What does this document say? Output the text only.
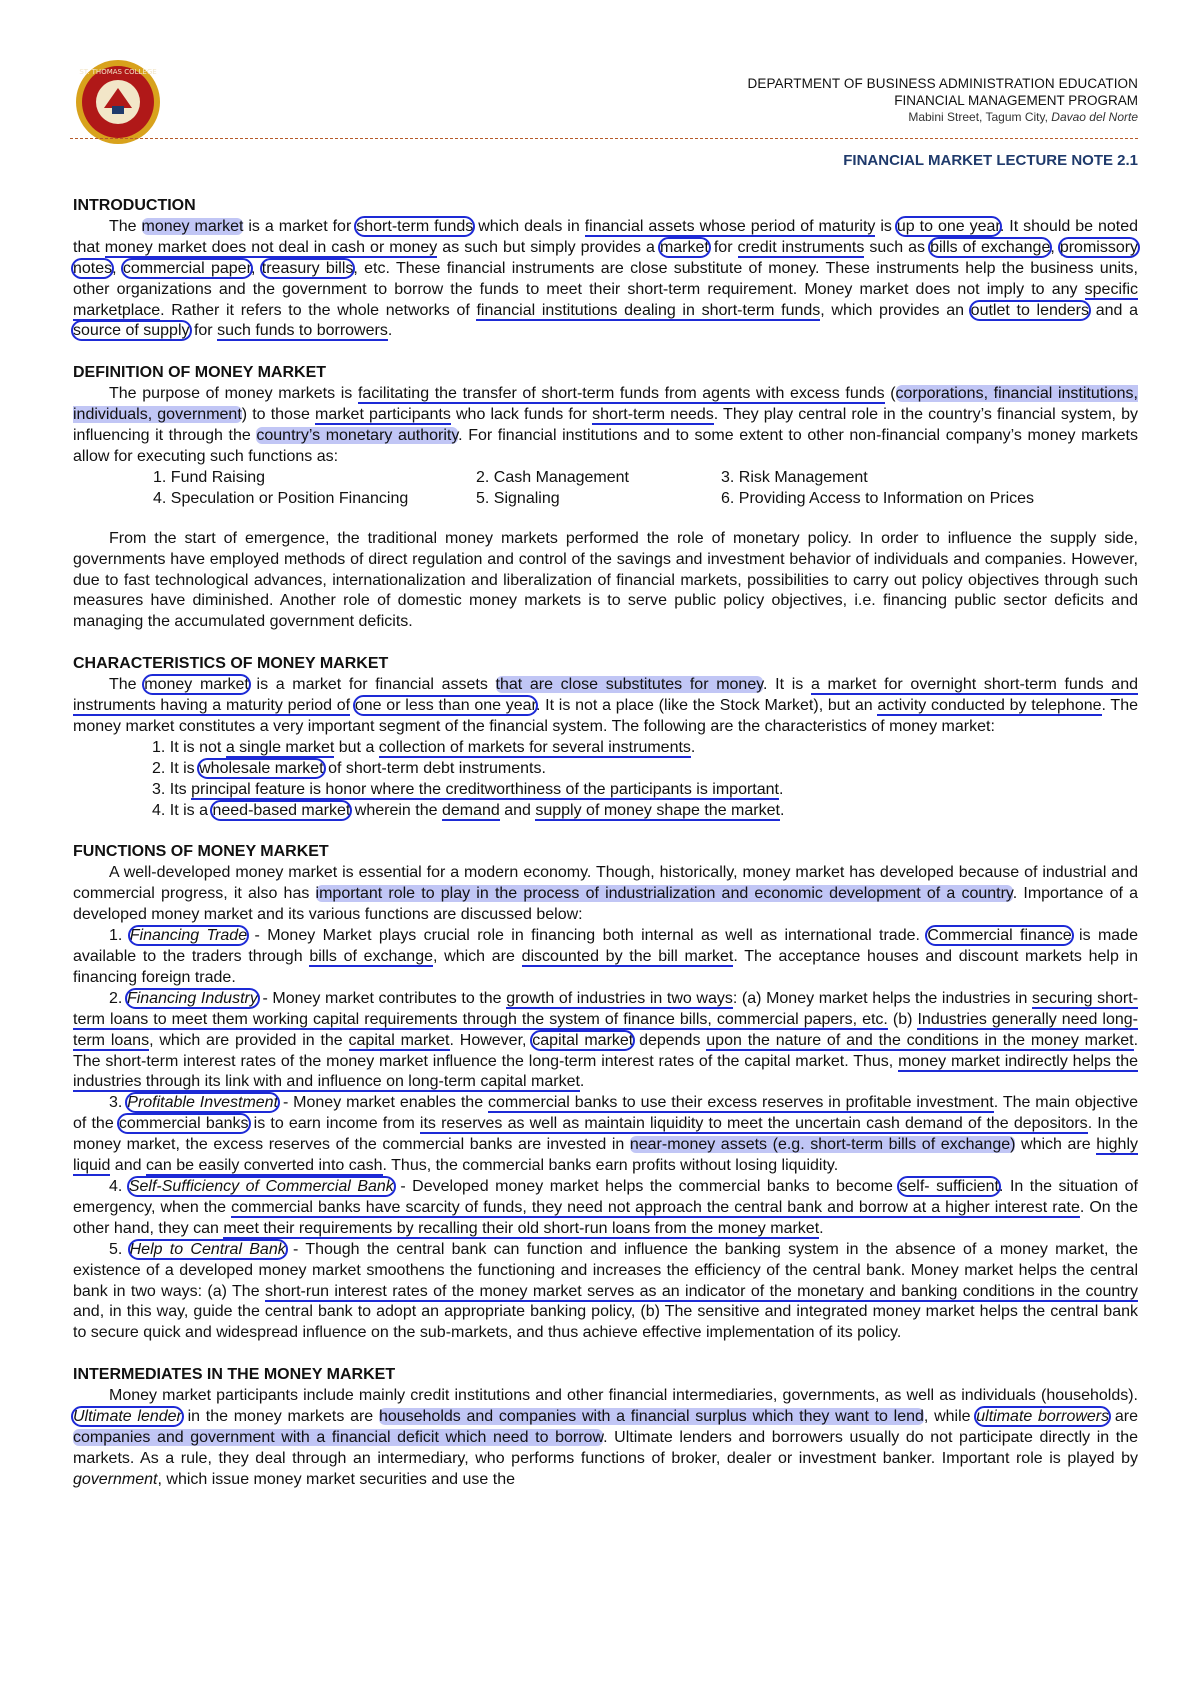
ST. THOMAS COLLEGE
DEPARTMENT OF BUSINESS ADMINISTRATION EDUCATION
FINANCIAL MANAGEMENT PROGRAM
Mabini Street, Tagum City, Davao del Norte
FINANCIAL MARKET LECTURE NOTE 2.1
INTRODUCTION

The money market is a market for short-term funds which deals in financial assets whose period of maturity is up to one year. It should be noted that money market does not deal in cash or money as such but simply provides a market for credit instruments such as bills of exchange, promissory notes, commercial paper, treasury bills, etc. These financial instruments are close substitute of money. These instruments help the business units, other organizations and the government to borrow the funds to meet their short-term requirement. Money market does not imply to any specific marketplace. Rather it refers to the whole networks of financial institutions dealing in short-term funds, which provides an outlet to lenders and a source of supply for such funds to borrowers.

DEFINITION OF MONEY MARKET

The purpose of money markets is facilitating the transfer of short-term funds from agents with excess funds (corporations, financial institutions, individuals, government) to those market participants who lack funds for short-term needs. They play central role in the country’s financial system, by influencing it through the country’s monetary authority. For financial institutions and to some extent to other non-financial company’s money markets allow for executing such functions as:

1. Fund Raising	2. Cash Management	3. Risk Management
4. Speculation or Position Financing	5. Signaling	6. Providing Access to Information on Prices

From the start of emergence, the traditional money markets performed the role of monetary policy. In order to influence the supply side, governments have employed methods of direct regulation and control of the savings and investment behavior of individuals and companies. However, due to fast technological advances, internationalization and liberalization of financial markets, possibilities to carry out policy objectives through such measures have diminished. Another role of domestic money markets is to serve public policy objectives, i.e. financing public sector deficits and managing the accumulated government deficits.

CHARACTERISTICS OF MONEY MARKET

The money market is a market for financial assets that are close substitutes for money. It is a market for overnight short-term funds and instruments having a maturity period of one or less than one year. It is not a place (like the Stock Market), but an activity conducted by telephone. The money market constitutes a very important segment of the financial system. The following are the characteristics of money market:

1. It is not a single market but a collection of markets for several instruments.
2. It is wholesale market of short-term debt instruments.
3. Its principal feature is honor where the creditworthiness of the participants is important.
4. It is a need-based market wherein the demand and supply of money shape the market.
FUNCTIONS OF MONEY MARKET

A well-developed money market is essential for a modern economy. Though, historically, money market has developed because of industrial and commercial progress, it also has important role to play in the process of industrialization and economic development of a country. Importance of a developed money market and its various functions are discussed below:

1. Financing Trade - Money Market plays crucial role in financing both internal as well as international trade. Commercial finance is made available to the traders through bills of exchange, which are discounted by the bill market. The acceptance houses and discount markets help in financing foreign trade.

2. Financing Industry - Money market contributes to the growth of industries in two ways: (a) Money market helps the industries in securing short-term loans to meet them working capital requirements through the system of finance bills, commercial papers, etc. (b) Industries generally need long-term loans, which are provided in the capital market. However, capital market depends upon the nature of and the conditions in the money market. The short-term interest rates of the money market influence the long-term interest rates of the capital market. Thus, money market indirectly helps the industries through its link with and influence on long-term capital market.

3. Profitable Investment - Money market enables the commercial banks to use their excess reserves in profitable investment. The main objective of the commercial banks is to earn income from its reserves as well as maintain liquidity to meet the uncertain cash demand of the depositors. In the money market, the excess reserves of the commercial banks are invested in near-money assets (e.g. short-term bills of exchange) which are highly liquid and can be easily converted into cash. Thus, the commercial banks earn profits without losing liquidity.

4. Self-Sufficiency of Commercial Bank - Developed money market helps the commercial banks to become self- sufficient. In the situation of emergency, when the commercial banks have scarcity of funds, they need not approach the central bank and borrow at a higher interest rate. On the other hand, they can meet their requirements by recalling their old short-run loans from the money market.

5. Help to Central Bank - Though the central bank can function and influence the banking system in the absence of a money market, the existence of a developed money market smoothens the functioning and increases the efficiency of the central bank. Money market helps the central bank in two ways: (a) The short-run interest rates of the money market serves as an indicator of the monetary and banking conditions in the country and, in this way, guide the central bank to adopt an appropriate banking policy, (b) The sensitive and integrated money market helps the central bank to secure quick and widespread influence on the sub-markets, and thus achieve effective implementation of its policy.

INTERMEDIATES IN THE MONEY MARKET

Money market participants include mainly credit institutions and other financial intermediaries, governments, as well as individuals (households). Ultimate lender in the money markets are households and companies with a financial surplus which they want to lend, while ultimate borrowers are companies and government with a financial deficit which need to borrow. Ultimate lenders and borrowers usually do not participate directly in the markets. As a rule, they deal through an intermediary, who performs functions of broker, dealer or investment banker. Important role is played by government, which issue money market securities and use the
